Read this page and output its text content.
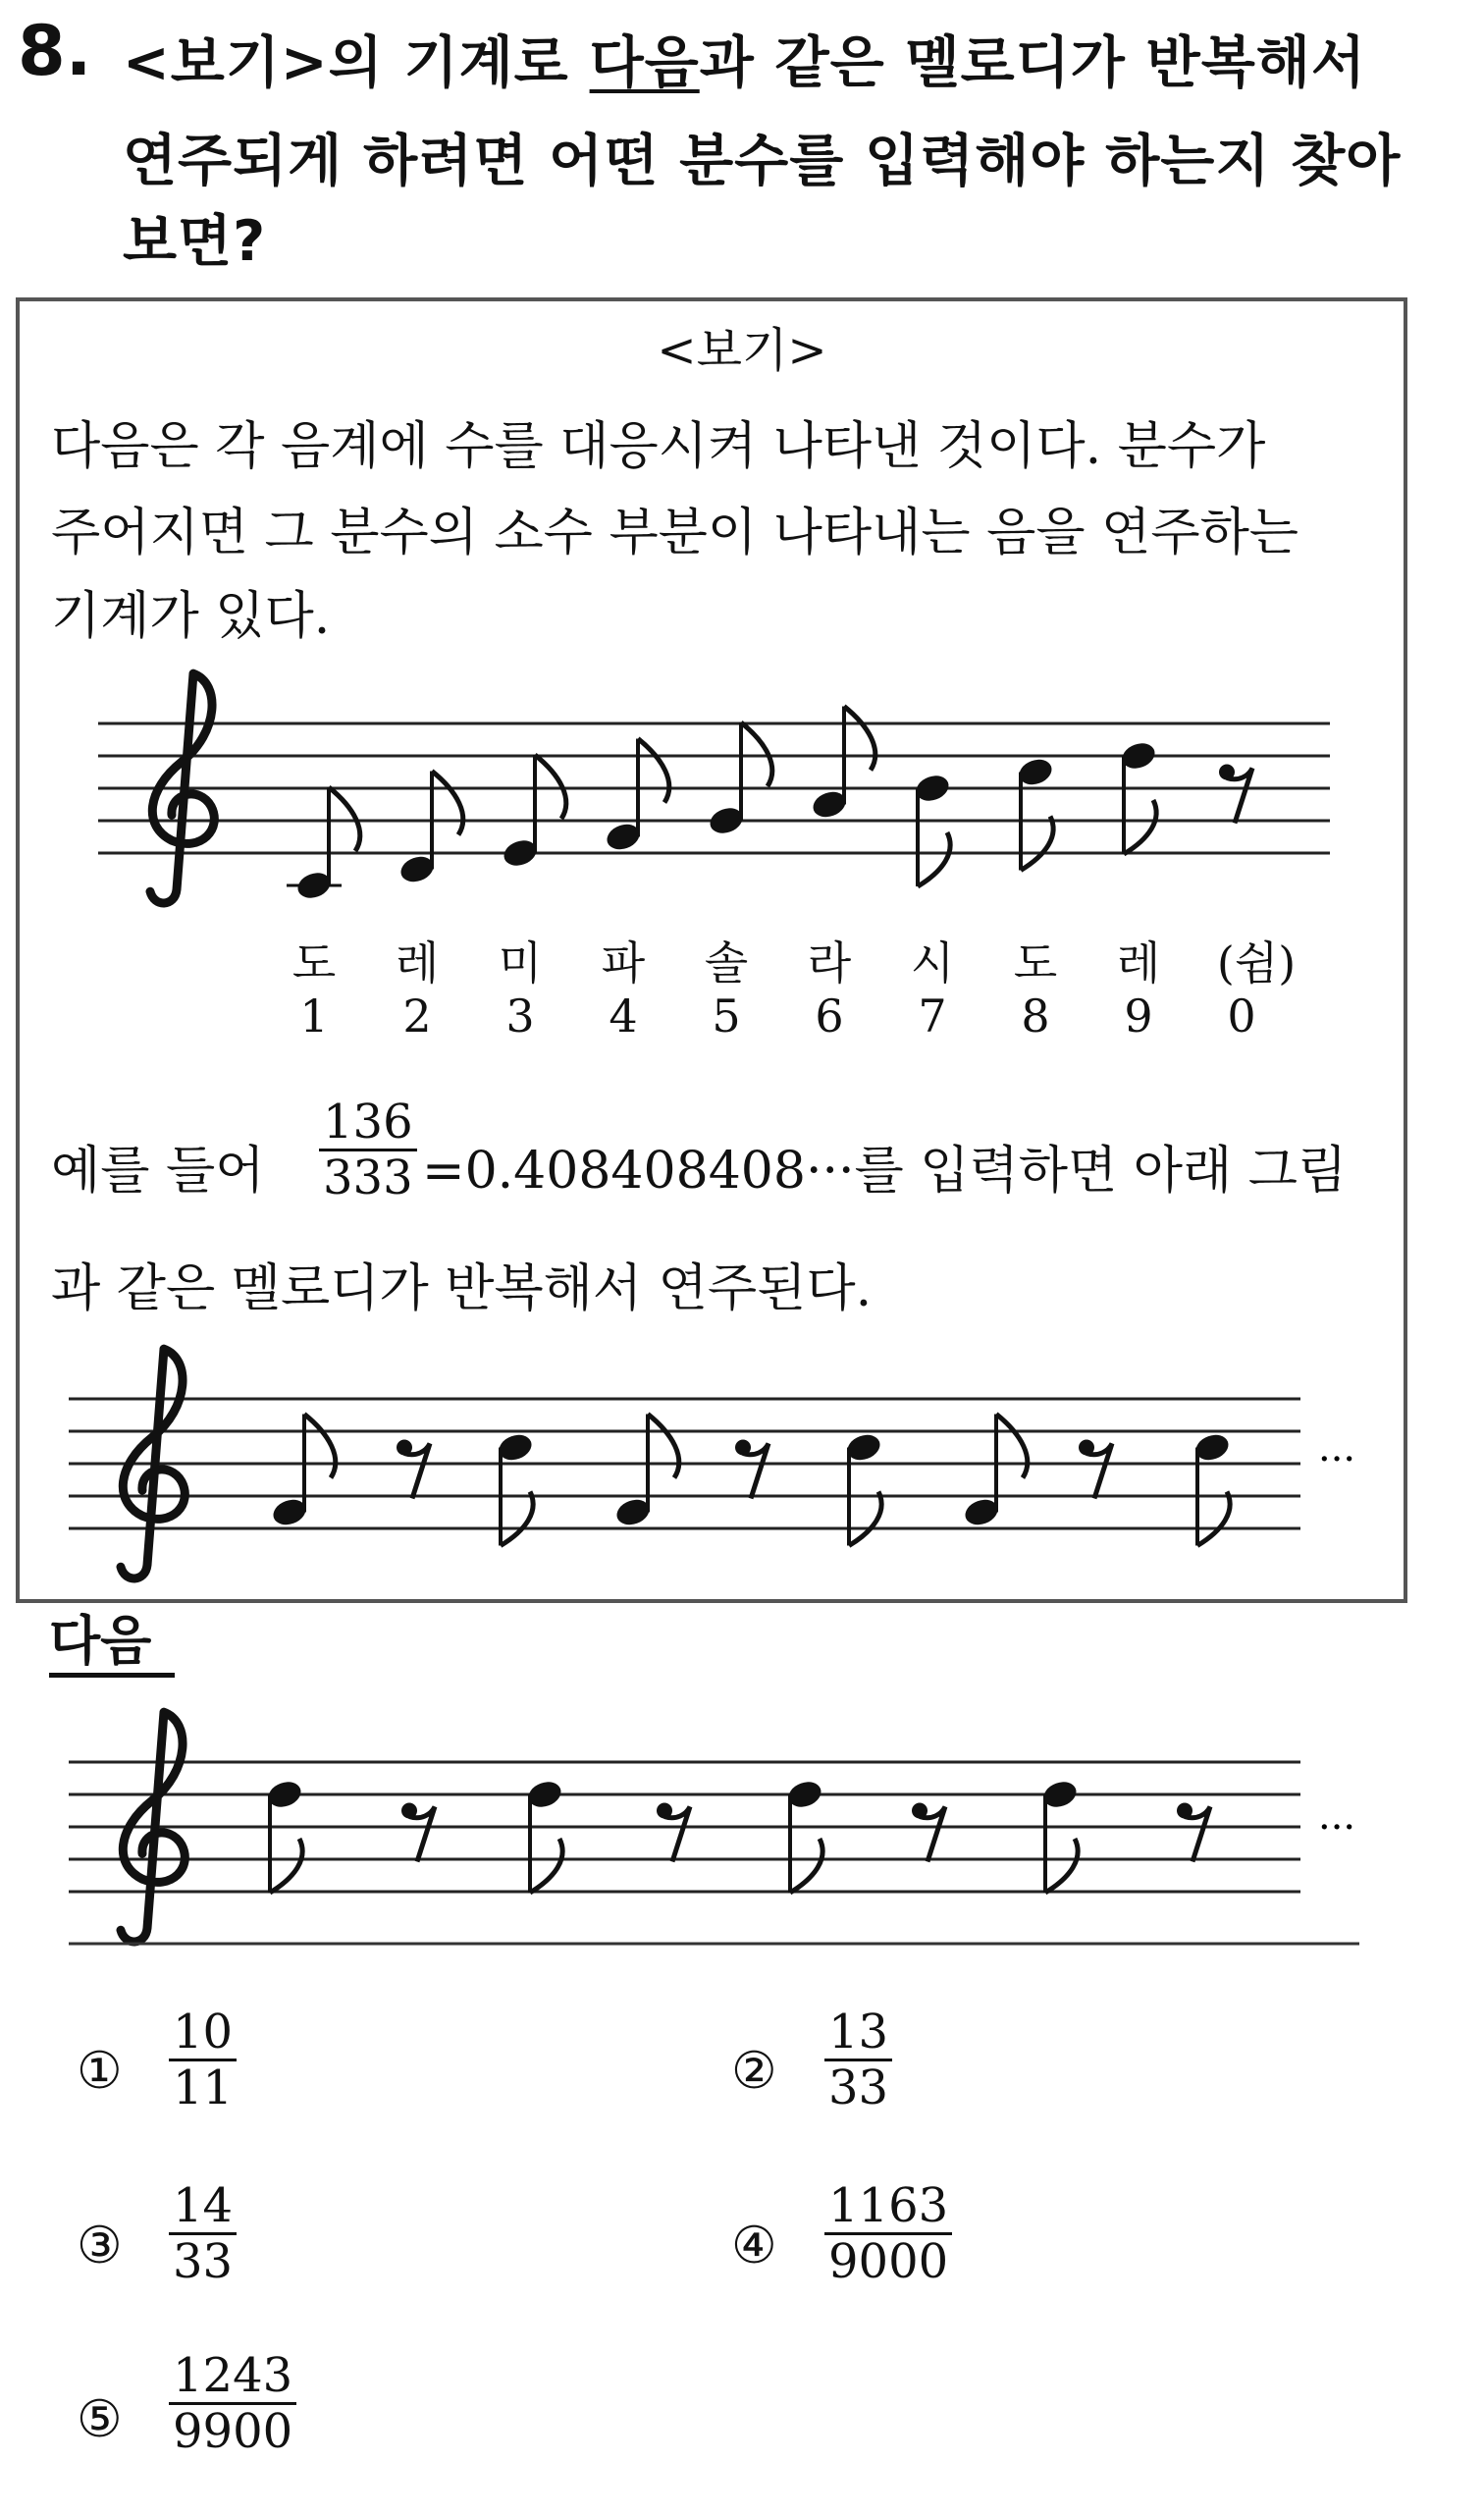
8. <보기>의 기계로 다음과 같은 멜로디가 반복해서
연주되게 하려면 어떤 분수를 입력해야 하는지 찾아
보면?
<보기>
다음은 각 음계에 수를 대응시켜 나타낸 것이다. 분수가
주어지면 그 분수의 소수 부분이 나타내는 음을 연주하는
기계가 있다.
도 레 미 파 솔 라 시 도 레	(쉼)
1	2	3	4	5	6	7	8	9	0
예를 들어 $\frac{136}{333} =0.408408408\cdot\cdot\cdot$를 입력하면 아래 그림
과 같은 멜로디가 반복해서 연주된다.
다음
① $\frac{10}{11}$	② $\frac{13}{33}$
③ $\frac{14}{33}$	④ $\frac{1163}{9000}$
⑤ $\frac{1243}{9900}$
···
···
